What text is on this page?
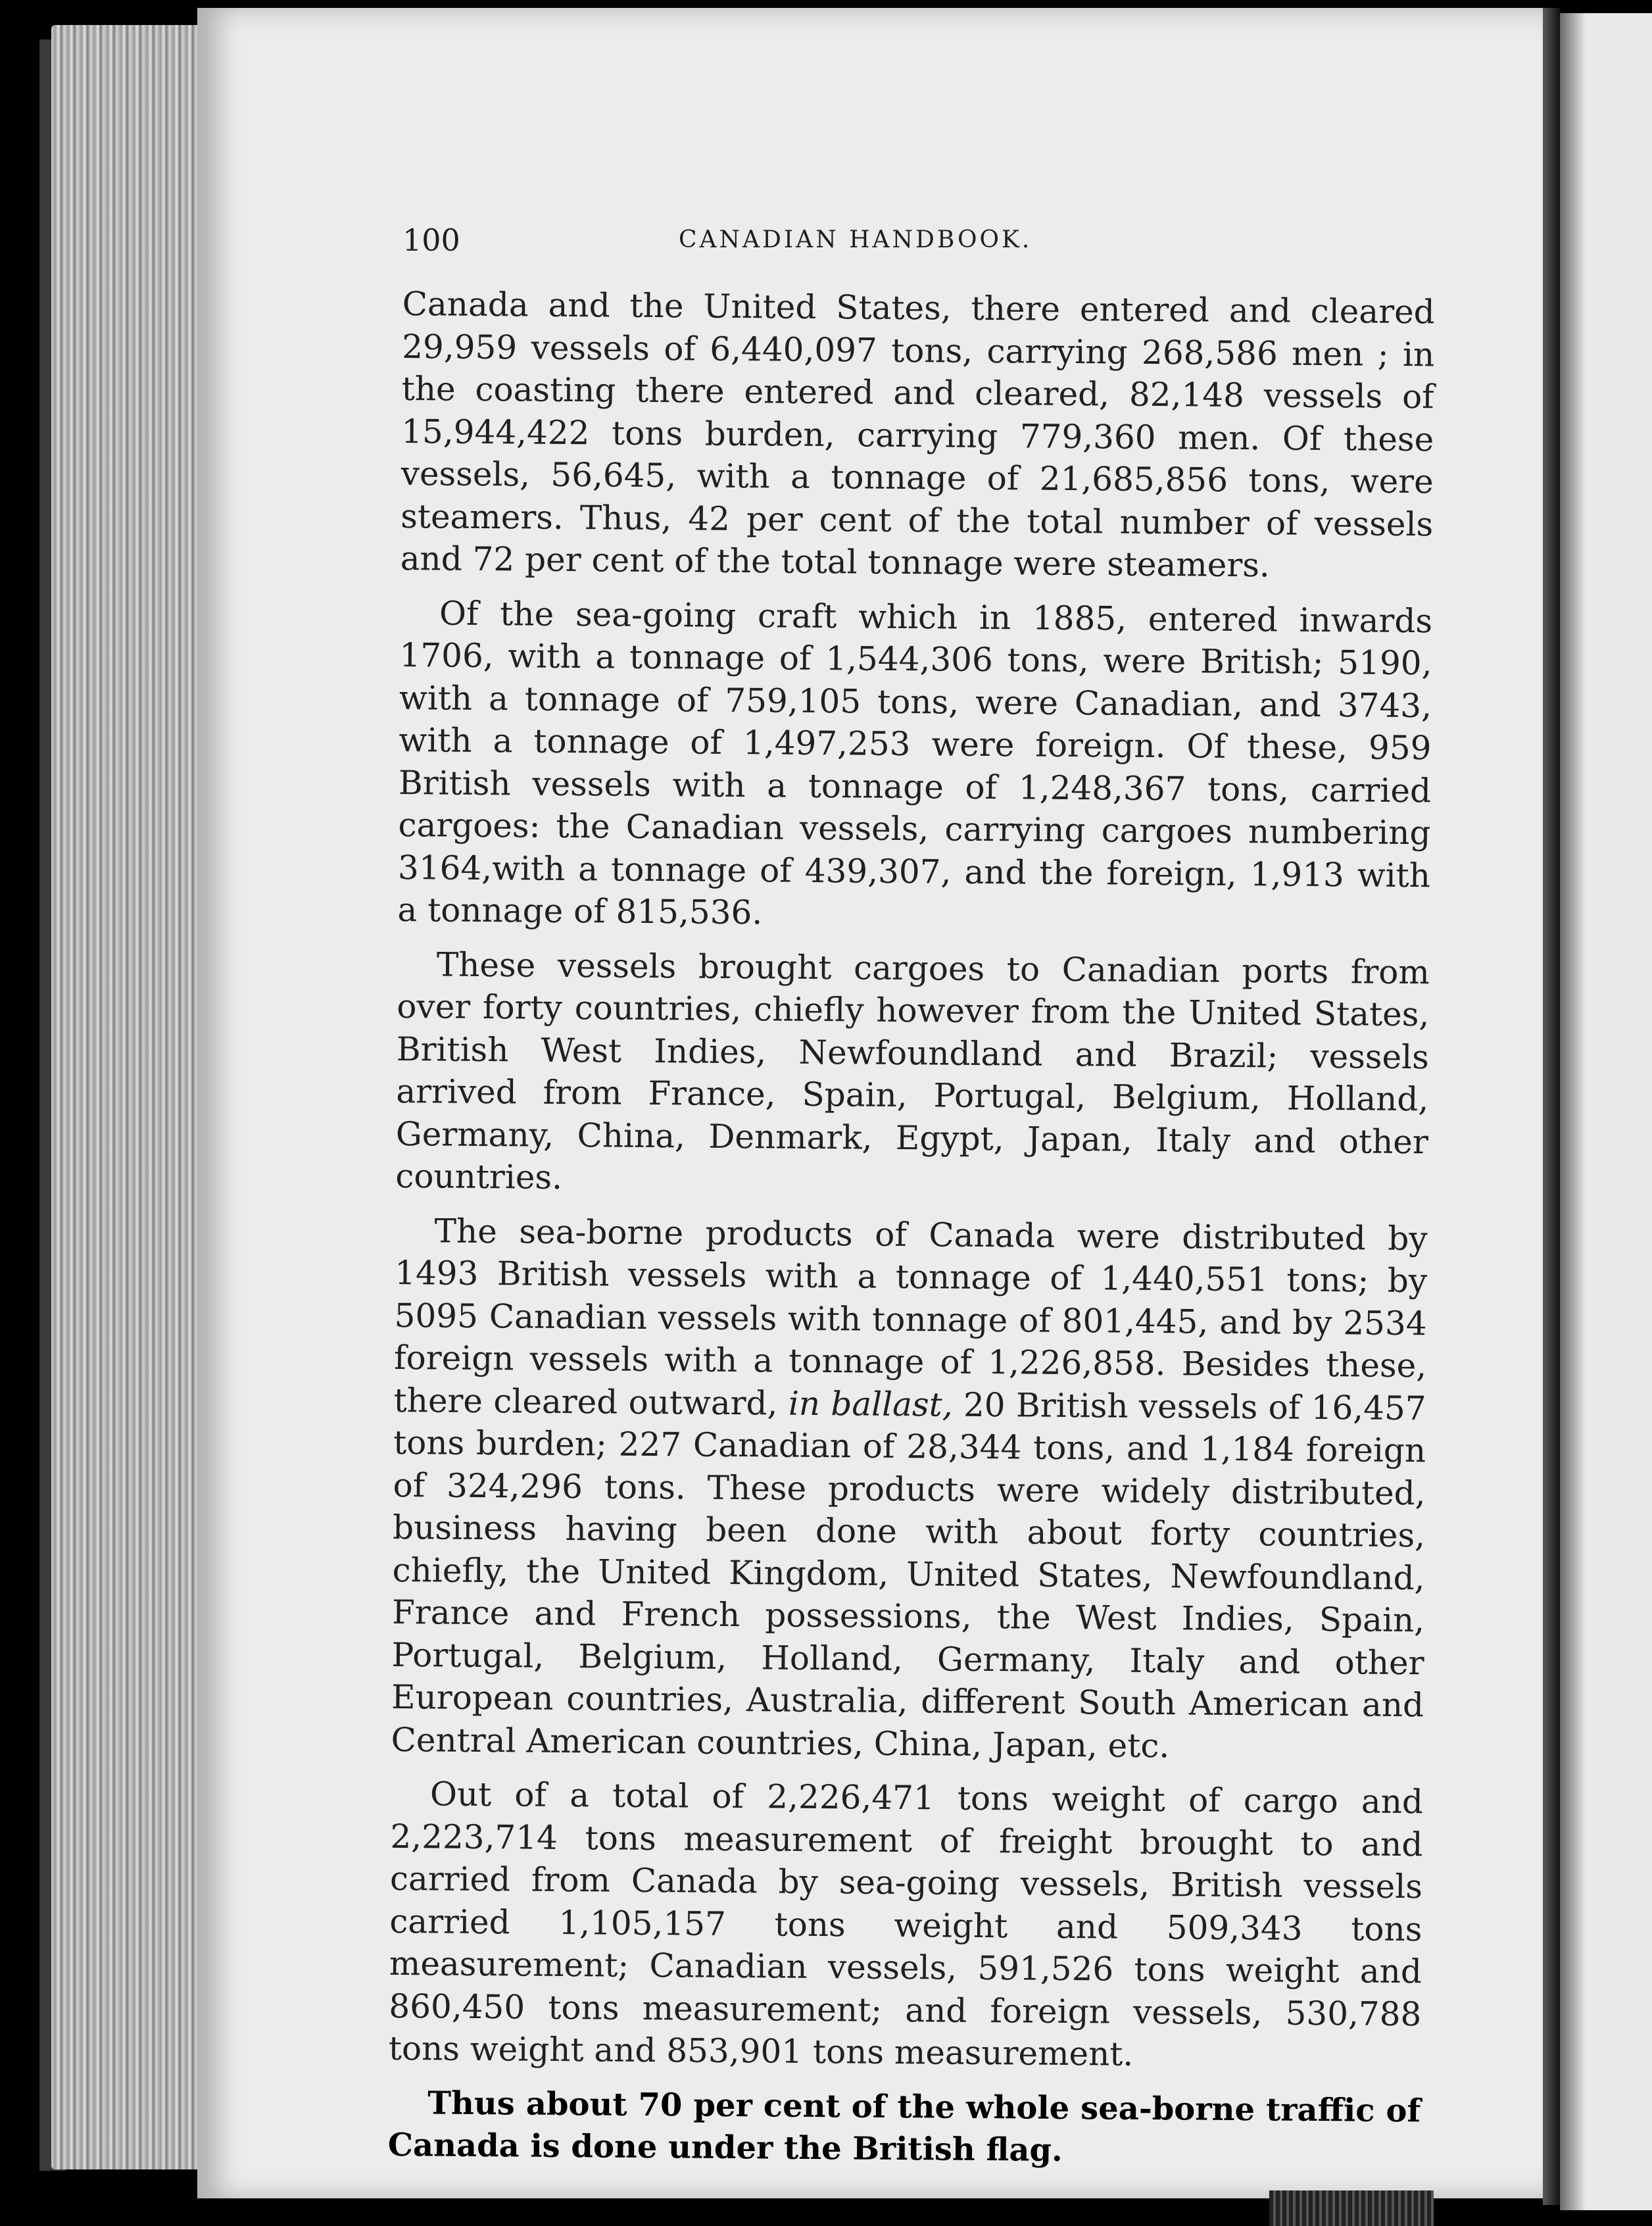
100	CANADIAN HANDBOOK.

Canada and the United States, there entered and cleared 29,959 vessels of 6,440,097 tons, carrying 268,586 men ; in the coasting there entered and cleared, 82,148 vessels of 15,944,422 tons burden, carrying 779,360 men. Of these vessels, 56,645, with a tonnage of 21,685,856 tons, were steamers. Thus, 42 per cent of the total number of vessels and 72 per cent of the total tonnage were steamers.

Of the sea-going craft which in 1885, entered inwards 1706, with a tonnage of 1,544,306 tons, were British; 5190, with a tonnage of 759,105 tons, were Canadian, and 3743, with a tonnage of 1,497,253 were foreign. Of these, 959 British vessels with a tonnage of 1,248,367 tons, carried cargoes: the Canadian vessels, carrying cargoes numbering 3164,with a tonnage of 439,307, and the foreign, 1,913 with a tonnage of 815,536.

These vessels brought cargoes to Canadian ports from over forty countries, chiefly however from the United States, British West Indies, Newfoundland and Brazil; vessels arrived from France, Spain, Portugal, Belgium, Holland, Germany, China, Denmark, Egypt, Japan, Italy and other countries.

The sea-borne products of Canada were distributed by 1493 British vessels with a tonnage of 1,440,551 tons; by 5095 Canadian vessels with tonnage of 801,445, and by 2534 foreign vessels with a tonnage of 1,226,858. Besides these, there cleared outward, in ballast, 20 British vessels of 16,457 tons burden; 227 Canadian of 28,344 tons, and 1,184 foreign of 324,296 tons. These products were widely distributed, business having been done with about forty countries, chiefly, the United Kingdom, United States, Newfoundland, France and French possessions, the West Indies, Spain, Portugal, Belgium, Holland, Germany, Italy and other European countries, Australia, different South American and Central American countries, China, Japan, etc.

Out of a total of 2,226,471 tons weight of cargo and 2,223,714 tons measurement of freight brought to and carried from Canada by sea-going vessels, British vessels carried 1,105,157 tons weight and 509,343 tons measurement; Canadian vessels, 591,526 tons weight and 860,450 tons measurement; and foreign vessels, 530,788 tons weight and 853,901 tons measurement.

Thus about 70 per cent of the whole sea-borne traffic of Canada is done under the British flag.
